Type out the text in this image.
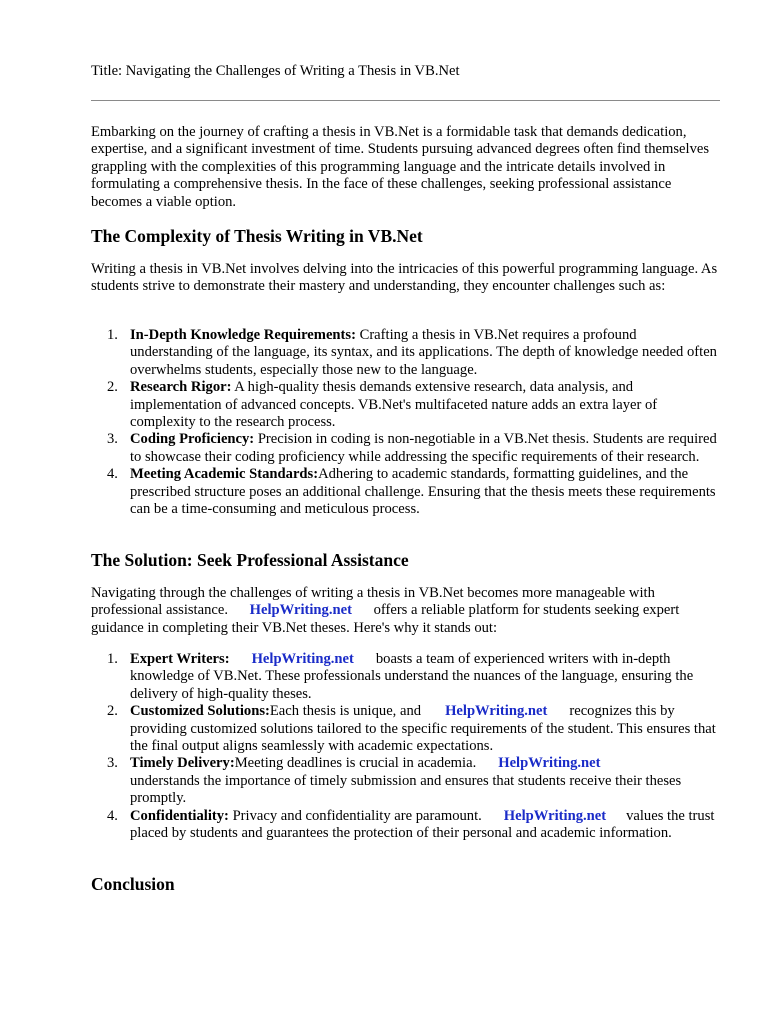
Title: Navigating the Challenges of Writing a Thesis in VB.Net

Embarking on the journey of crafting a thesis in VB.Net is a formidable task that demands dedication, expertise, and a significant investment of time. Students pursuing advanced degrees often find themselves grappling with the complexities of this programming language and the intricate details involved in formulating a comprehensive thesis. In the face of these challenges, seeking professional assistance becomes a viable option.

The Complexity of Thesis Writing in VB.Net

Writing a thesis in VB.Net involves delving into the intricacies of this powerful programming language. As students strive to demonstrate their mastery and understanding, they encounter challenges such as:

1. In-Depth Knowledge Requirements: Crafting a thesis in VB.Net requires a profound understanding of the language, its syntax, and its applications. The depth of knowledge needed often overwhelms students, especially those new to the language.
2. Research Rigor: A high-quality thesis demands extensive research, data analysis, and implementation of advanced concepts. VB.Net's multifaceted nature adds an extra layer of complexity to the research process.
3. Coding Proficiency: Precision in coding is non-negotiable in a VB.Net thesis. Students are required to showcase their coding proficiency while addressing the specific requirements of their research.
4. Meeting Academic Standards:Adhering to academic standards, formatting guidelines, and the prescribed structure poses an additional challenge. Ensuring that the thesis meets these requirements can be a time-consuming and meticulous process.
The Solution: Seek Professional Assistance

Navigating through the challenges of writing a thesis in VB.Net becomes more manageable with professional assistance. HelpWriting.net offers a reliable platform for students seeking expert guidance in completing their VB.Net theses. Here's why it stands out:

1. Expert Writers: HelpWriting.net boasts a team of experienced writers with in-depth knowledge of VB.Net. These professionals understand the nuances of the language, ensuring the delivery of high-quality theses.
2. Customized Solutions:Each thesis is unique, and HelpWriting.net recognizes this by providing customized solutions tailored to the specific requirements of the student. This ensures that the final output aligns seamlessly with academic expectations.
3. Timely Delivery:Meeting deadlines is crucial in academia. HelpWriting.netunderstands the importance of timely submission and ensures that students receive their theses promptly.
4. Confidentiality: Privacy and confidentiality are paramount. HelpWriting.net values the trust placed by students and guarantees the protection of their personal and academic information.
Conclusion
